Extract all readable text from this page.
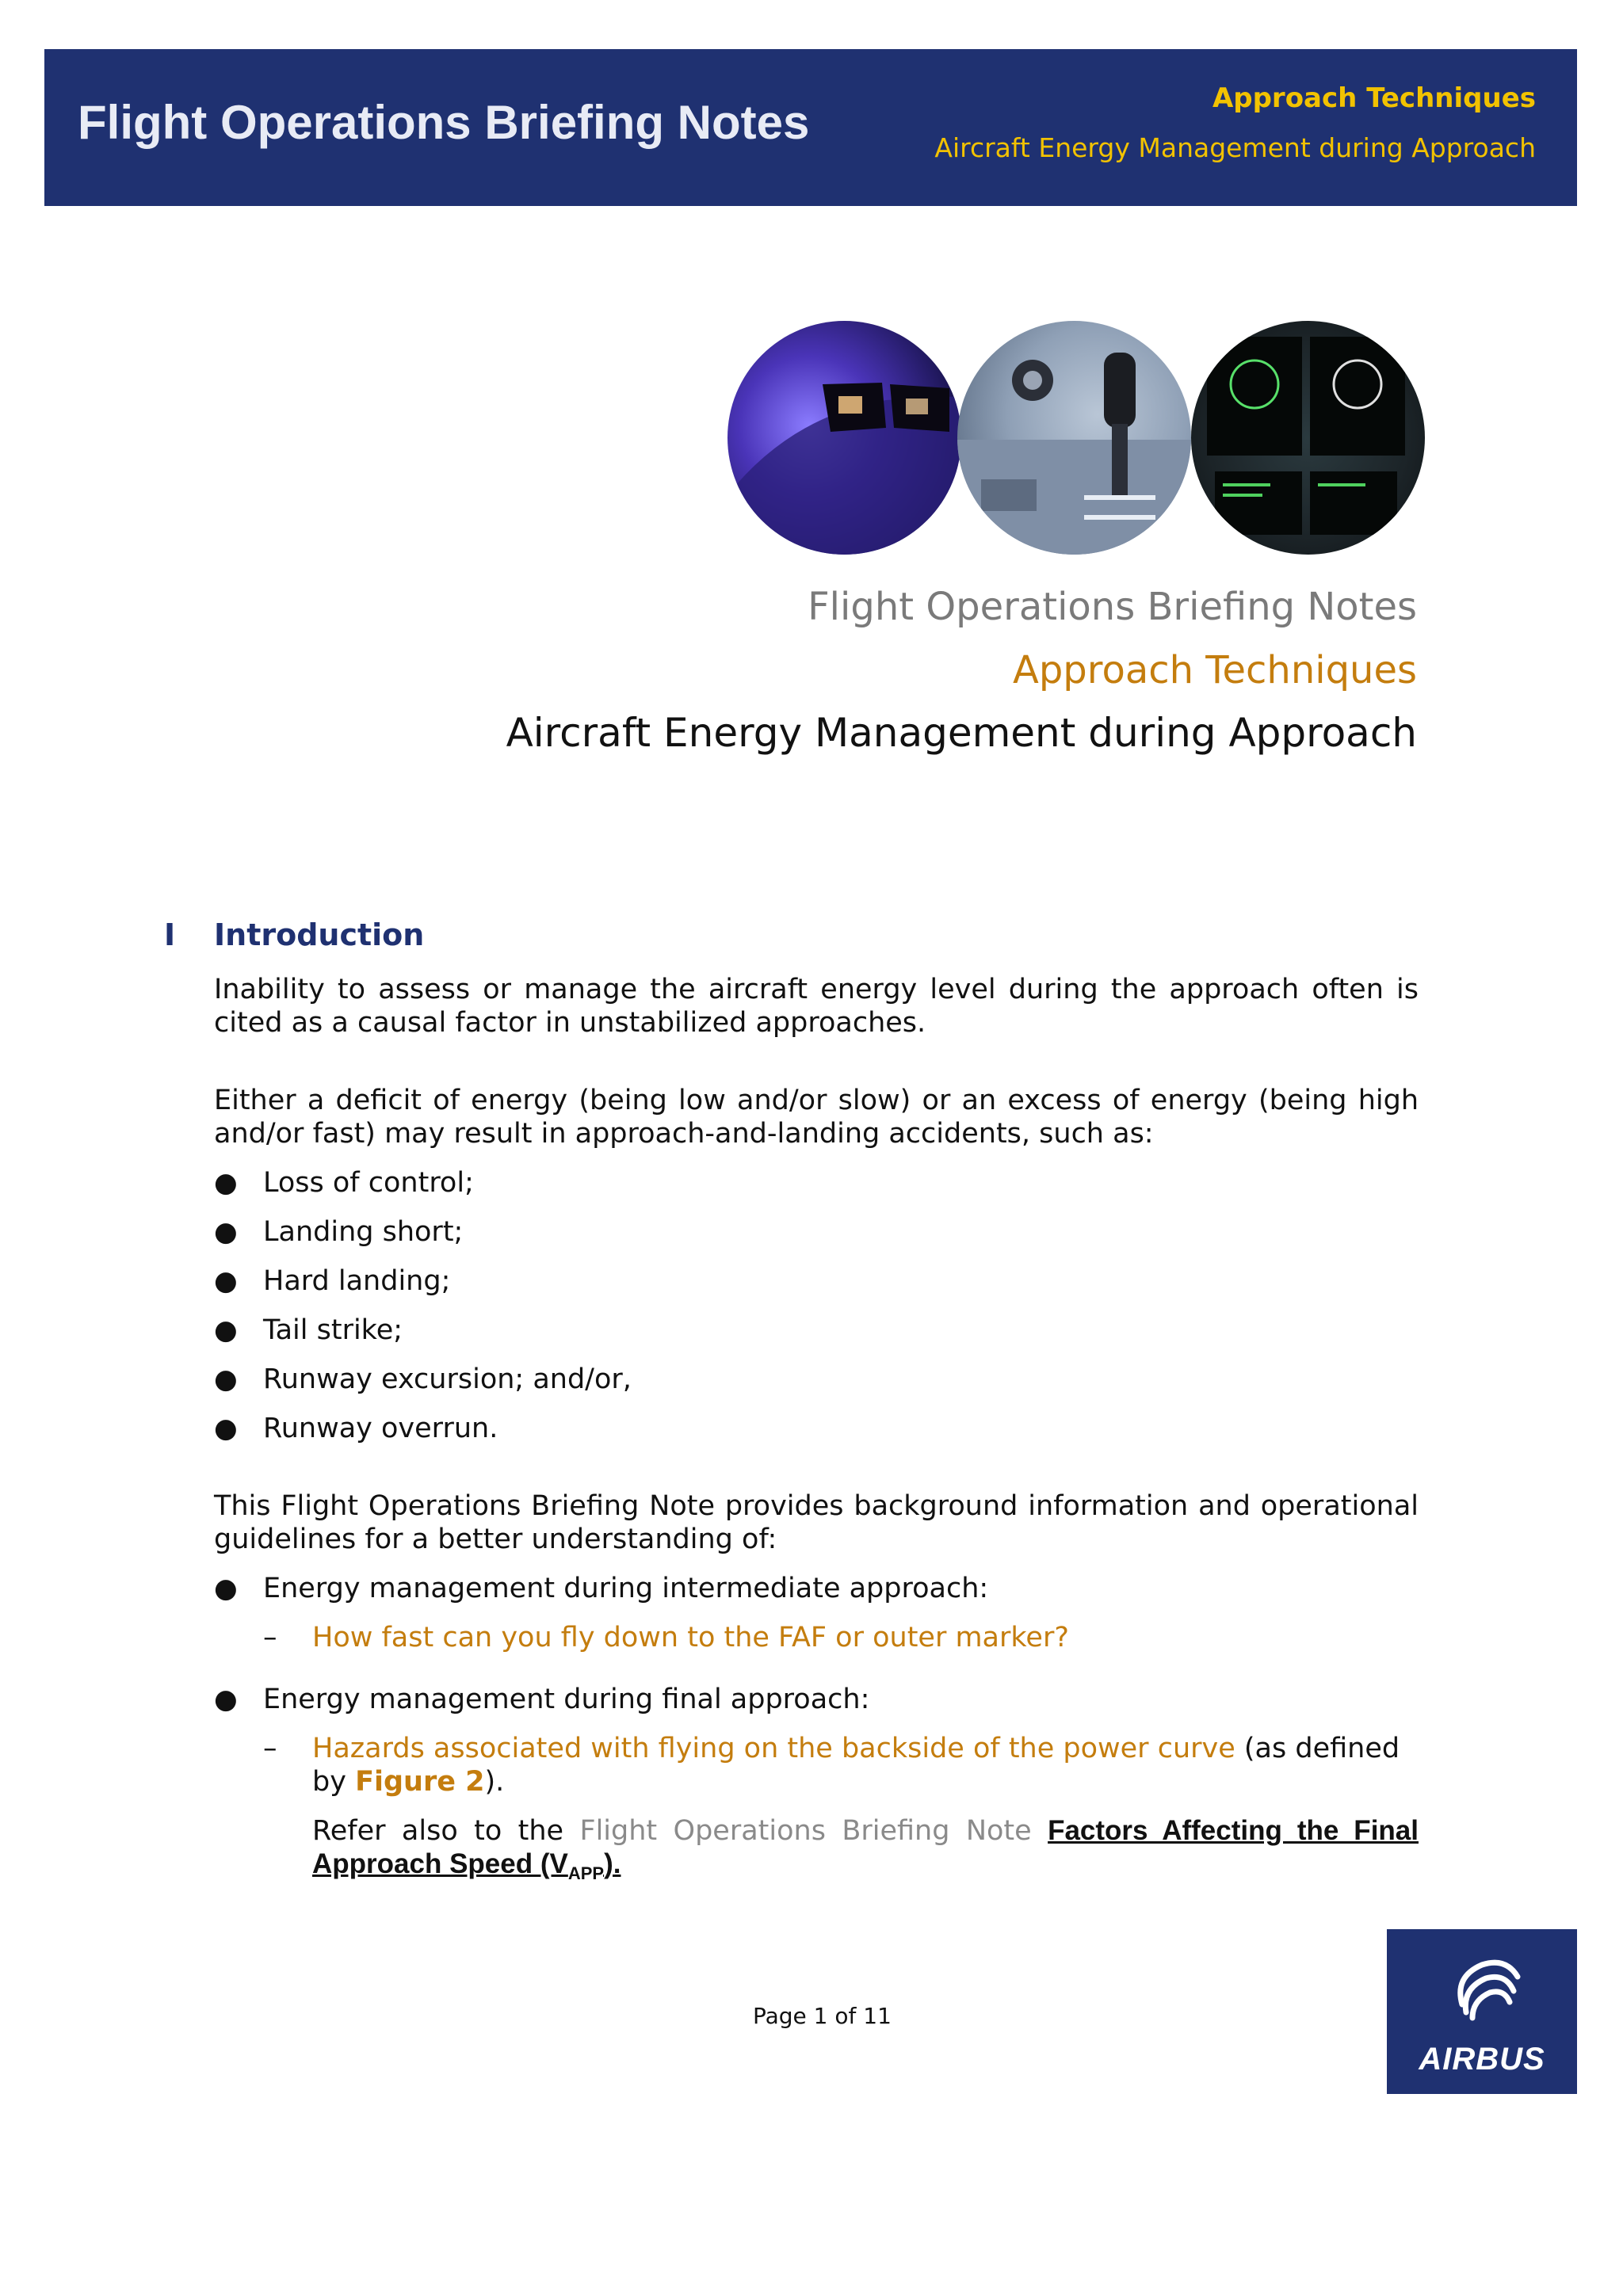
Flight Operations Briefing Notes	Approach Techniques
Aircraft Energy Management during Approach
Flight Operations Briefing Notes
Approach Techniques
Aircraft Energy Management during Approach
I Introduction

Inability to assess or manage the aircraft energy level during the approach often is cited as a causal factor in unstabilized approaches.

Either a deficit of energy (being low and/or slow) or an excess of energy (being high and/or fast) may result in approach-and-landing accidents, such as:

● Loss of control;
● Landing short;
● Hard landing;
● Tail strike;
● Runway excursion; and/or,
● Runway overrun.

This Flight Operations Briefing Note provides background information and operational guidelines for a better understanding of:

● Energy management during intermediate approach:
– How fast can you fly down to the FAF or outer marker?
● Energy management during final approach:
– Hazards associated with flying on the backside of the power curve (as defined by Figure 2).

Refer also to the Flight Operations Briefing Note Factors Affecting the Final Approach Speed $(V_{APP})$.

Page 1 of 11
AIRBUS
